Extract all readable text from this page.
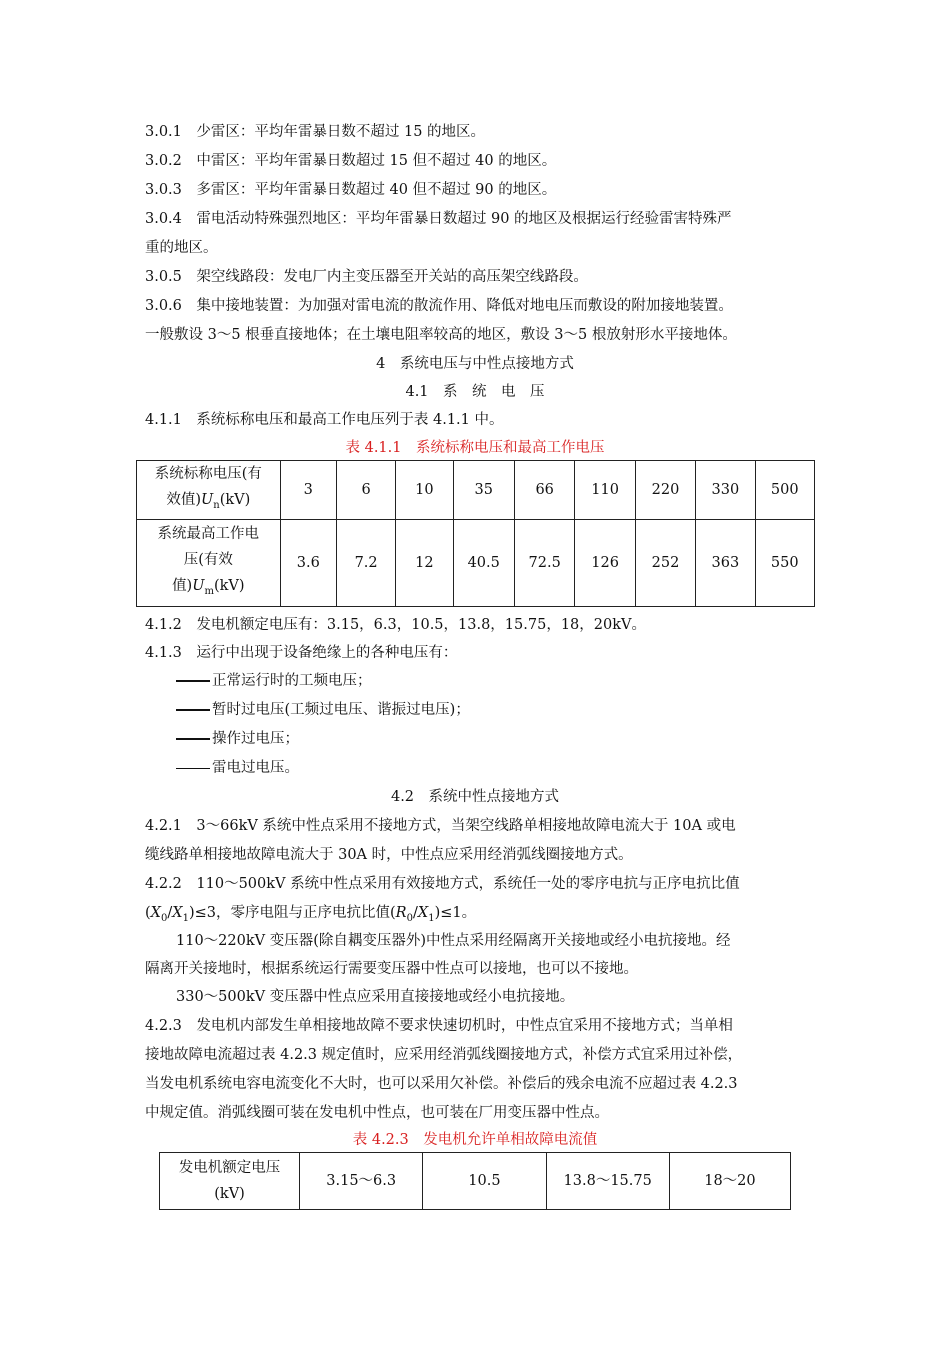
3.0.1　少雷区：平均年雷暴日数不超过 15 的地区。
3.0.2　中雷区：平均年雷暴日数超过 15 但不超过 40 的地区。
3.0.3　多雷区：平均年雷暴日数超过 40 但不超过 90 的地区。
3.0.4　雷电活动特殊强烈地区：平均年雷暴日数超过 90 的地区及根据运行经验雷害特殊严
重的地区。
3.0.5　架空线路段：发电厂内主变压器至开关站的高压架空线路段。
3.0.6　集中接地装置：为加强对雷电流的散流作用、降低对地电压而敷设的附加接地装置。
一般敷设 3～5 根垂直接地体；在土壤电阻率较高的地区，敷设 3～5 根放射形水平接地体。
4　系统电压与中性点接地方式
4.1　系　统　电　压
4.1.1　系统标称电压和最高工作电压列于表 4.1.1 中。
表 4.1.1　系统标称电压和最高工作电压
系统标称电压(有
效值)$U_n(kV)$	3	6	10	35	66	110	220	330	500

系统最高工作电
压(有效
值)$U_m(kV)$	3.6	7.2	12	40.5	72.5	126	252	363	550
4.1.2　发电机额定电压有：3.15，6.3，10.5，13.8，15.75，18，20kV。
4.1.3　运行中出现于设备绝缘上的各种电压有：
正常运行时的工频电压；
暂时过电压(工频过电压、谐振过电压)；
操作过电压；
雷电过电压。
4.2　系统中性点接地方式
4.2.1　3～66kV 系统中性点采用不接地方式，当架空线路单相接地故障电流大于 10A 或电
缆线路单相接地故障电流大于 30A 时，中性点应采用经消弧线圈接地方式。
4.2.2　110～500kV 系统中性点采用有效接地方式，系统任一处的零序电抗与正序电抗比值
$(X_0/X_1)\le 3$，零序电阻与正序电抗比值$(R_0/X_1)\le 1$。
110～220kV 变压器(除自耦变压器外)中性点采用经隔离开关接地或经小电抗接地。经
隔离开关接地时，根据系统运行需要变压器中性点可以接地，也可以不接地。
330～500kV 变压器中性点应采用直接接地或经小电抗接地。
4.2.3　发电机内部发生单相接地故障不要求快速切机时，中性点宜采用不接地方式；当单相
接地故障电流超过表 4.2.3 规定值时，应采用经消弧线圈接地方式，补偿方式宜采用过补偿，
当发电机系统电容电流变化不大时，也可以采用欠补偿。补偿后的残余电流不应超过表 4.2.3
中规定值。消弧线圈可装在发电机中性点，也可装在厂用变压器中性点。
表 4.2.3　发电机允许单相故障电流值
发电机额定电压
(kV)
	3.15～6.3	10.5	13.8～15.75	18～20
